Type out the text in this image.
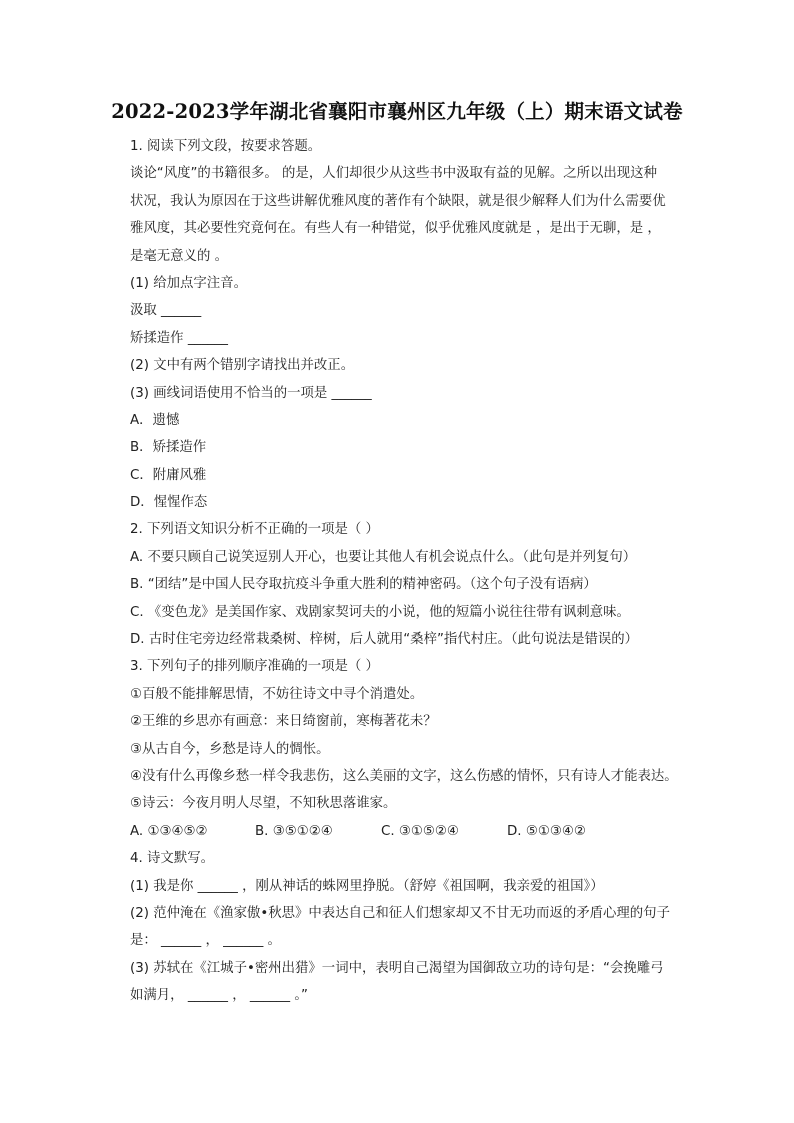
2022-2023学年湖北省襄阳市襄州区九年级（上）期末语文试卷
1. 阅读下列文段，按要求答题。
谈论“风度”的书籍很多。 的是，人们却很少从这些书中汲取有益的见解。之所以出现这种
状况，我认为原因在于这些讲解优雅风度的著作有个缺限，就是很少解释人们为什么需要优
雅风度，其必要性究竟何在。有些人有一种错觉，似乎优雅风度就是 ，是出于无聊，是 ，
是毫无意义的 。
(1) 给加点字注音。
汲取 ______
矫揉造作 ______
(2) 文中有两个错别字请找出并改正。
(3) 画线词语使用不恰当的一项是 ______
A．遗憾
B．矫揉造作
C．附庸风雅
D．惺惺作态
2. 下列语文知识分析不正确的一项是（ ）
A. 不要只顾自己说笑逗别人开心，也要让其他人有机会说点什么。（此句是并列复句）
B. “团结”是中国人民夺取抗疫斗争重大胜利的精神密码。（这个句子没有语病）
C. 《变色龙》是美国作家、戏剧家契诃夫的小说，他的短篇小说往往带有讽刺意味。
D. 古时住宅旁边经常栽桑树、梓树，后人就用“桑梓”指代村庄。（此句说法是错误的）
3. 下列句子的排列顺序准确的一项是（ ）
①百般不能排解思情，不妨往诗文中寻个消遣处。
②王维的乡思亦有画意：来日绮窗前，寒梅著花未？
③从古自今，乡愁是诗人的惆怅。
④没有什么再像乡愁一样令我悲伤，这么美丽的文字，这么伤感的情怀，只有诗人才能表达。
⑤诗云：今夜月明人尽望，不知秋思落谁家。
A. ①③④⑤②	B. ③⑤①②④	C. ③①⑤②④	D. ⑤①③④②
4. 诗文默写。
(1) 我是你 ______ ，刚从神话的蛛网里挣脱。（舒婷《祖国啊，我亲爱的祖国》）
(2) 范仲淹在《渔家傲•秋思》中表达自己和征人们想家却又不甘无功而返的矛盾心理的句子
是： ______ ， ______ 。
(3) 苏轼在《江城子•密州出猎》一词中，表明自己渴望为国御敌立功的诗句是：“会挽雕弓
如满月， ______ ， ______ 。”
